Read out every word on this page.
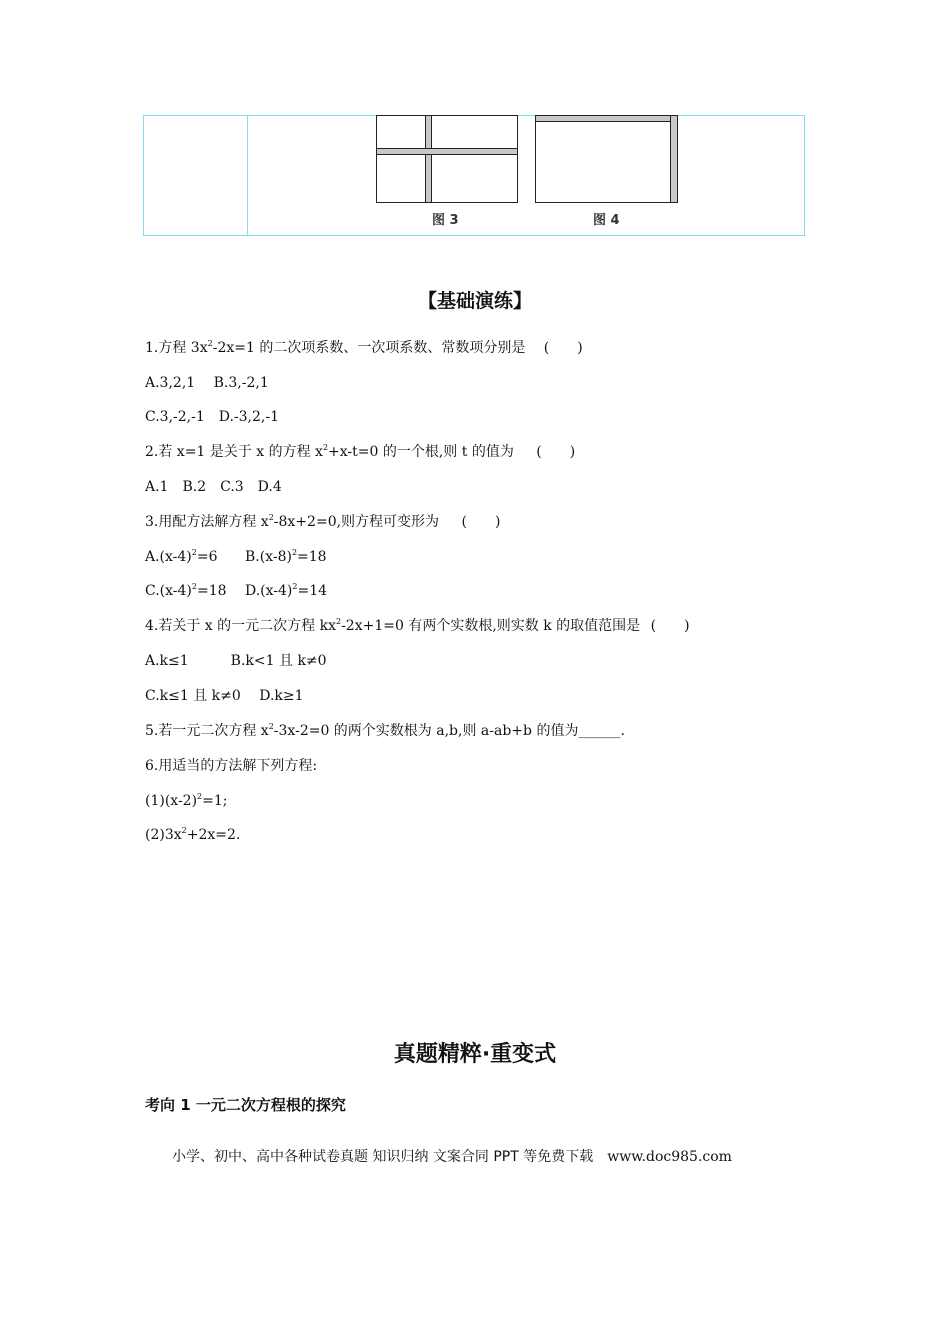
图 3	图 4
【基础演练】
1.方程 $3x^2-2x=1$ 的二次项系数、一次项系数、常数项分别是 (　　)
A.3,2,1　 B.3,-2,1
C.3,-2,-1　D.-3,2,-1
2.若 x=1 是关于 x 的方程 $x^2+x-t=0$ 的一个根,则 t 的值为 (　　)
A.1　B.2　C.3　D.4
3.用配方法解方程 $x^2-8x+2=0$,则方程可变形为 (　　)
$A.(x-4)^2=6$ $B.(x-8)^2=18$
$C.(x-4)^2=18$ $D.(x-4)^2=14$
4.若关于 x 的一元二次方程 $kx^2-2x+1=0$ 有两个实数根,则实数 k 的取值范围是 (　　)
A.k≤1　　　B.k<1 且 k≠0
C.k≤1 且 k≠0　 D.k≥1
5.若一元二次方程 $x^2-3x-2=0$ 的两个实数根为 a,b,则 a-ab+b 的值为______.
6.用适当的方法解下列方程:
$(1)(x-2)^2=1$;
$(2)3x^2+2x=2$.
真题精粹·重变式
考向 1 一元二次方程根的探究
小学、初中、高中各种试卷真题 知识归纳 文案合同 PPT 等免费下载 www.doc985.com
